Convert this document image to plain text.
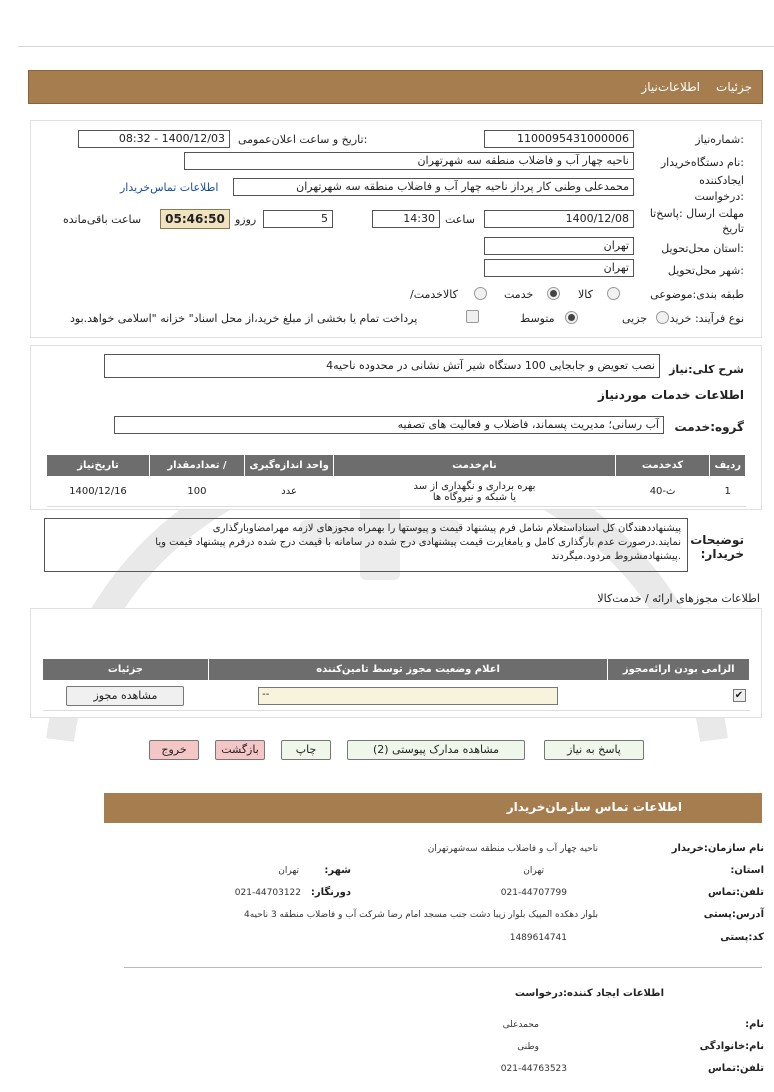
جزئیات
اطلاعات‌نیاز
شماره‌نیاز:
1100095431000006
تاریخ و ساعت اعلان‌عمومی:
1400/12/03 - 08:32
نام دستگاه‌خریدار:
ناحیه چهار آب و فاضلاب منطقه سه شهرتهران
ایجادکننده
درخواست:
محمدعلی وطنی کار پرداز ناحیه چهار آب و فاضلاب منطقه سه شهرتهران
اطلاعات تماس‌خریدار
مهلت ارسال :پاسخ‌تا
تاریخ
1400/12/08
ساعت
14:30
5
روزو
05:46:50
ساعت باقی‌مانده
استان محل‌تحویل:
تهران
شهر محل‌تحویل:
تهران
طبقه بندی:موضوعی
کالا
خدمت
/کالاخدمت
نوع فرآیند: خرید
جزیی
متوسط
پرداخت تمام یا بخشی از مبلغ خرید،از محل اسناد" خزانه "اسلامی خواهد.بود
شرح کلی:نیاز
نصب تعویض و جابجایی 100 دستگاه شیر آتش نشانی در محدوده ناحیه4
اطلاعات خدمات موردنیاز
گروه:خدمت
آب رسانی؛ مدیریت پسماند، فاضلاب و فعالیت های تصفیه
ردیف	کدخدمت	نام‌خدمت	واحد اندازه‌گیری	/ تعدادمقدار	تاریخ‌نیاز
1	ث-40	بهره برداری و نگهداری از سد
یا شبکه و نیروگاه ها	عدد	100	1400/12/16
توضیحات
:خریدار
پیشنهاددهندگان کل اسناداستعلام شامل فرم پیشنهاد قیمت و پیوستها را بهمراه مجوزهای لازمه مهرامضاوبارگذاری
نمایند.درصورت عدم بارگذاری کامل و یامغایرت قیمت پیشنهادی درج شده در سامانه با قیمت درج شده درفرم پیشنهاد قیمت ویا
.پیشنهادمشروط مردود.میگردند
اطلاعات مجوزهای ارائه / خدمت‌کالا
الزامی بودن ارائه‌مجوز	اعلام وضعیت مجوز توسط تامین‌کننده	جزئیات
✔	--	مشاهده مجوز
پاسخ به نیاز
مشاهده مدارک پیوستی (2)
چاپ
بازگشت
خروج
اطلاعات تماس سازمان‌خریدار
نام سازمان:خریدار
ناحیه چهار آب و فاضلاب منطقه سه‌شهرتهران
:استان
تهران
:شهر
تهران
تلفن:تماس
021-44707799
:دورنگار
021-44703122
آدرس:پستی
بلوار دهکده المپیک بلوار زیبا دشت جنب مسجد امام رضا شرکت آب و فاضلاب منطقه 3 ناحیه4
کد:پستی
1489614741
اطلاعات ایجاد کننده:درخواست
:نام
محمدعلی
نام:خانوادگی
وطنی
تلفن:تماس
021-44763523
